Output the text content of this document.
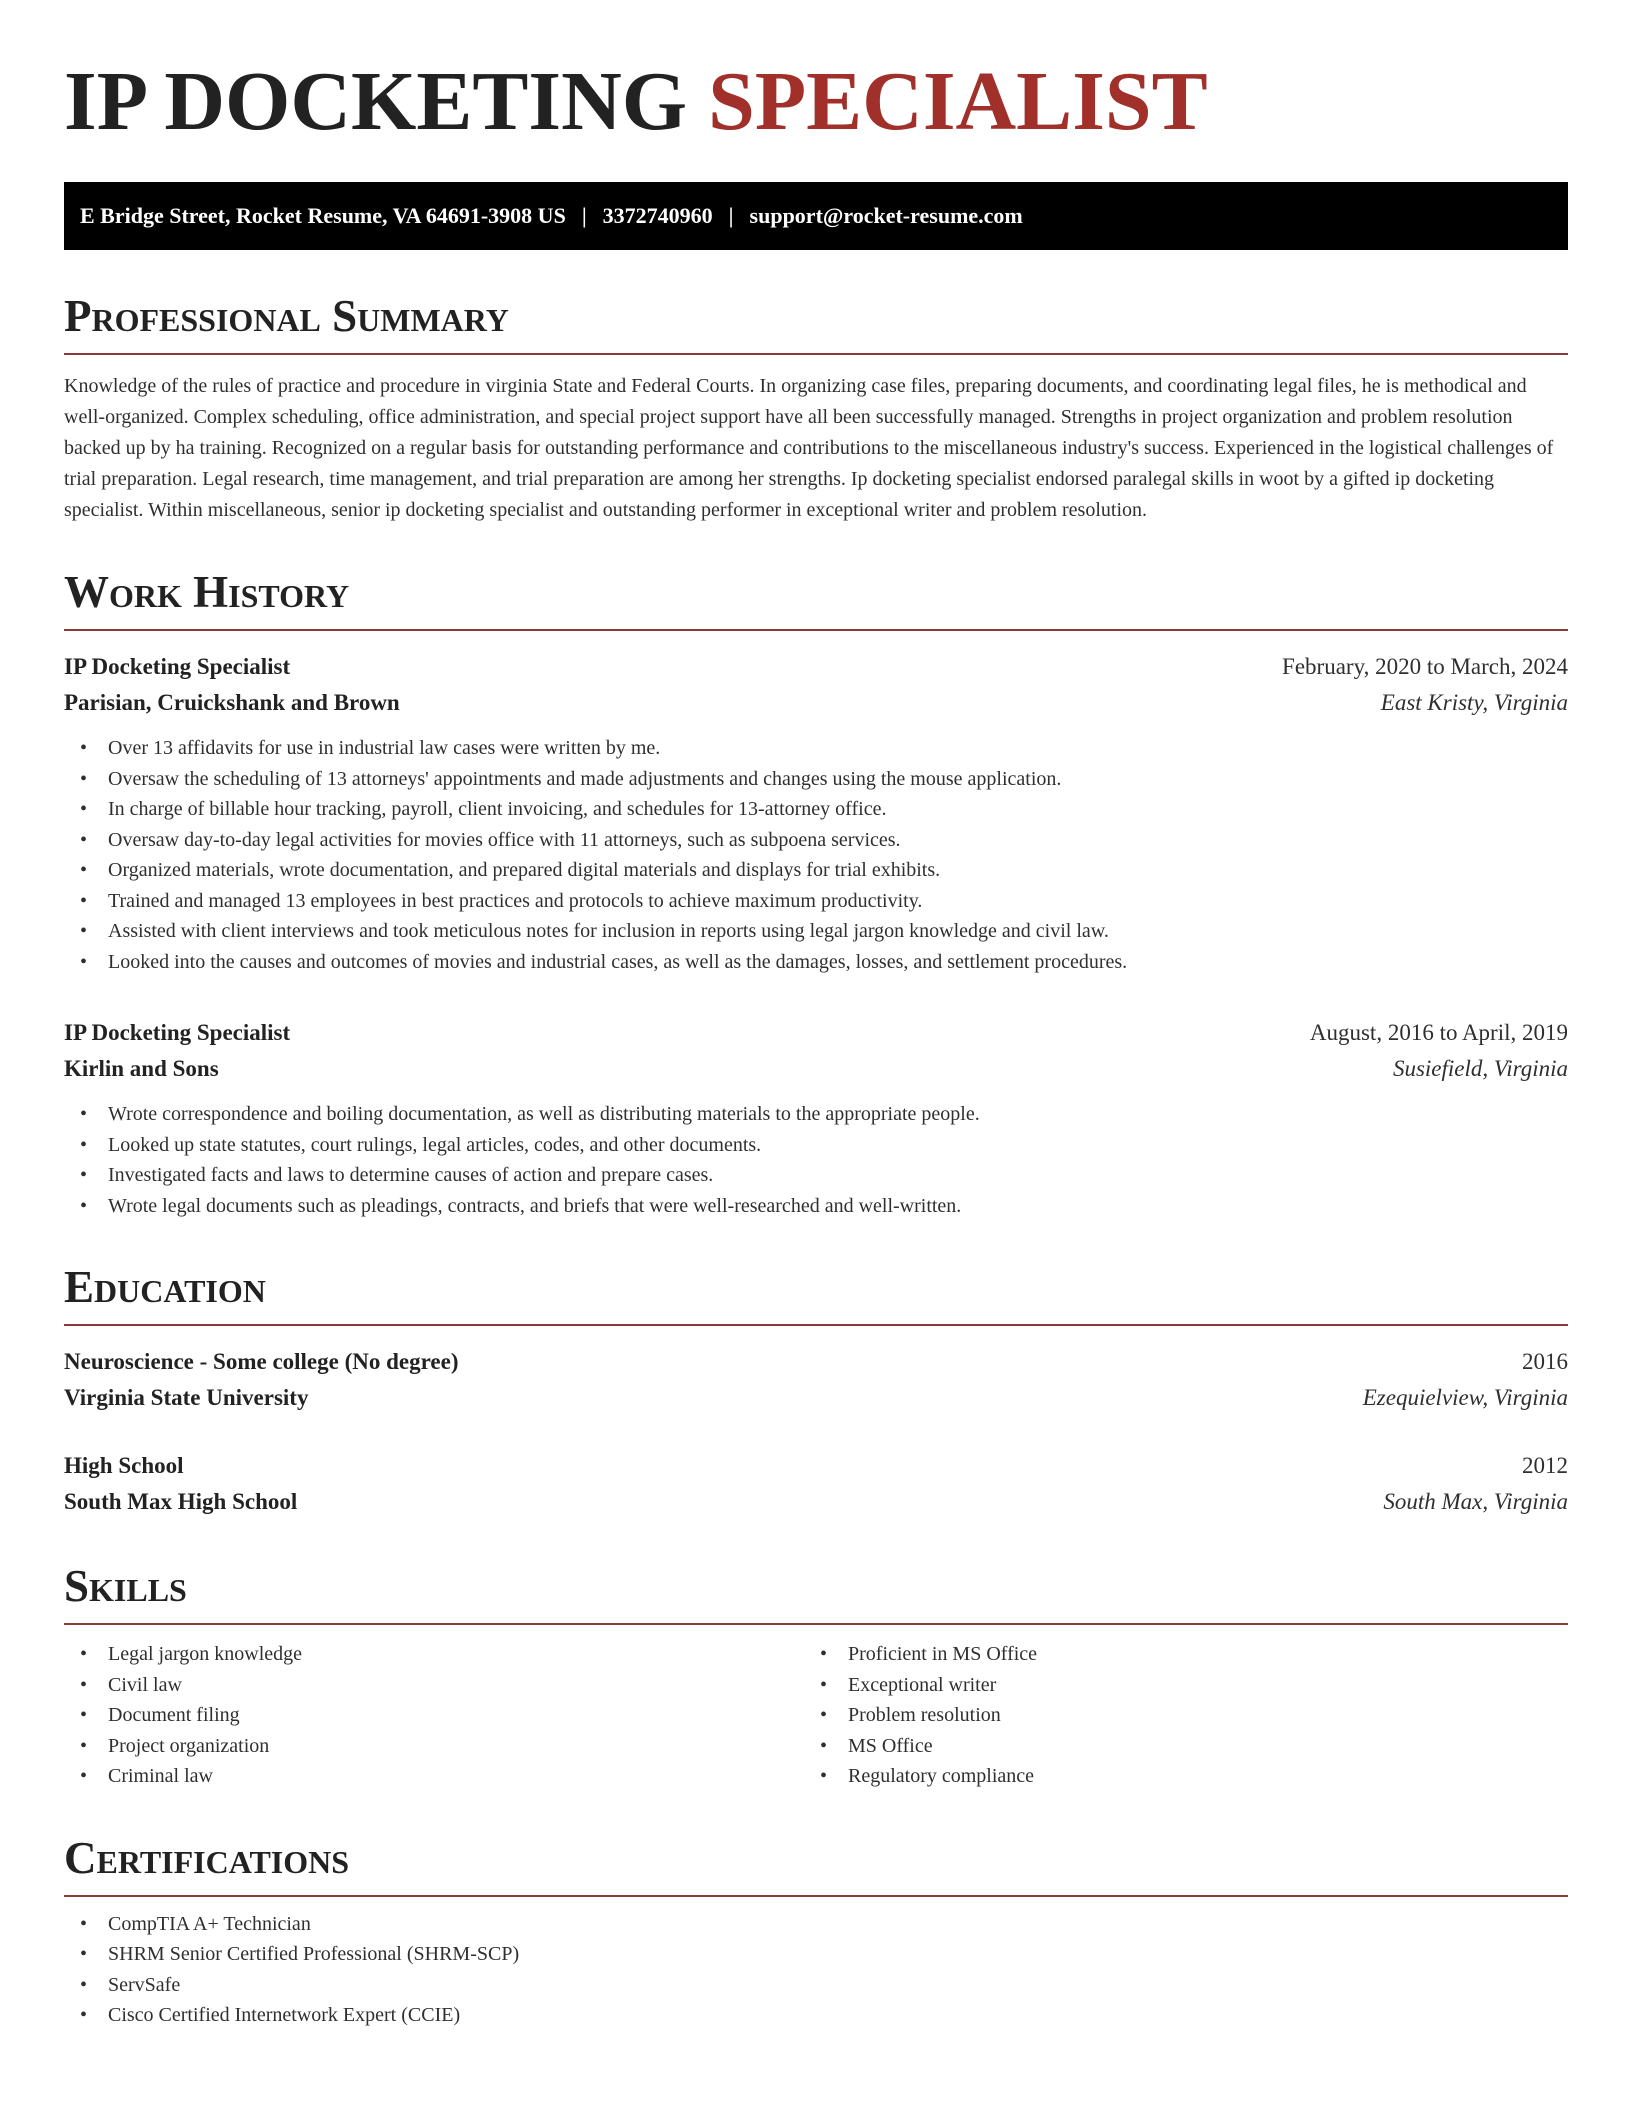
IP DOCKETING SPECIALIST
E Bridge Street, Rocket Resume, VA 64691-3908 US | 3372740960 | support@rocket-resume.com
Professional Summary

Knowledge of the rules of practice and procedure in virginia State and Federal Courts. In organizing case files, preparing documents, and coordinating legal files, he is methodical and well-organized. Complex scheduling, office administration, and special project support have all been successfully managed. Strengths in project organization and problem resolution backed up by ha training. Recognized on a regular basis for outstanding performance and contributions to the miscellaneous industry's success. Experienced in the logistical challenges of trial preparation. Legal research, time management, and trial preparation are among her strengths. Ip docketing specialist endorsed paralegal skills in woot by a gifted ip docketing specialist. Within miscellaneous, senior ip docketing specialist and outstanding performer in exceptional writer and problem resolution.

Work History
IP Docketing Specialist	February, 2020 to March, 2024
Parisian, Cruickshank and Brown	East Kristy, Virginia
• Over 13 affidavits for use in industrial law cases were written by me.
• Oversaw the scheduling of 13 attorneys' appointments and made adjustments and changes using the mouse application.
• In charge of billable hour tracking, payroll, client invoicing, and schedules for 13-attorney office.
• Oversaw day-to-day legal activities for movies office with 11 attorneys, such as subpoena services.
• Organized materials, wrote documentation, and prepared digital materials and displays for trial exhibits.
• Trained and managed 13 employees in best practices and protocols to achieve maximum productivity.
• Assisted with client interviews and took meticulous notes for inclusion in reports using legal jargon knowledge and civil law.
• Looked into the causes and outcomes of movies and industrial cases, as well as the damages, losses, and settlement procedures.
IP Docketing Specialist	August, 2016 to April, 2019
Kirlin and Sons	Susiefield, Virginia
• Wrote correspondence and boiling documentation, as well as distributing materials to the appropriate people.
• Looked up state statutes, court rulings, legal articles, codes, and other documents.
• Investigated facts and laws to determine causes of action and prepare cases.
• Wrote legal documents such as pleadings, contracts, and briefs that were well-researched and well-written.
Education
Neuroscience - Some college (No degree)	2016
Virginia State University	Ezequielview, Virginia
High School	2012
South Max High School	South Max, Virginia
Skills
• Legal jargon knowledge
• Civil law
• Document filing
• Project organization
• Criminal law
• Proficient in MS Office
• Exceptional writer
• Problem resolution
• MS Office
• Regulatory compliance
Certifications
• CompTIA A+ Technician
• SHRM Senior Certified Professional (SHRM-SCP)
• ServSafe
• Cisco Certified Internetwork Expert (CCIE)
